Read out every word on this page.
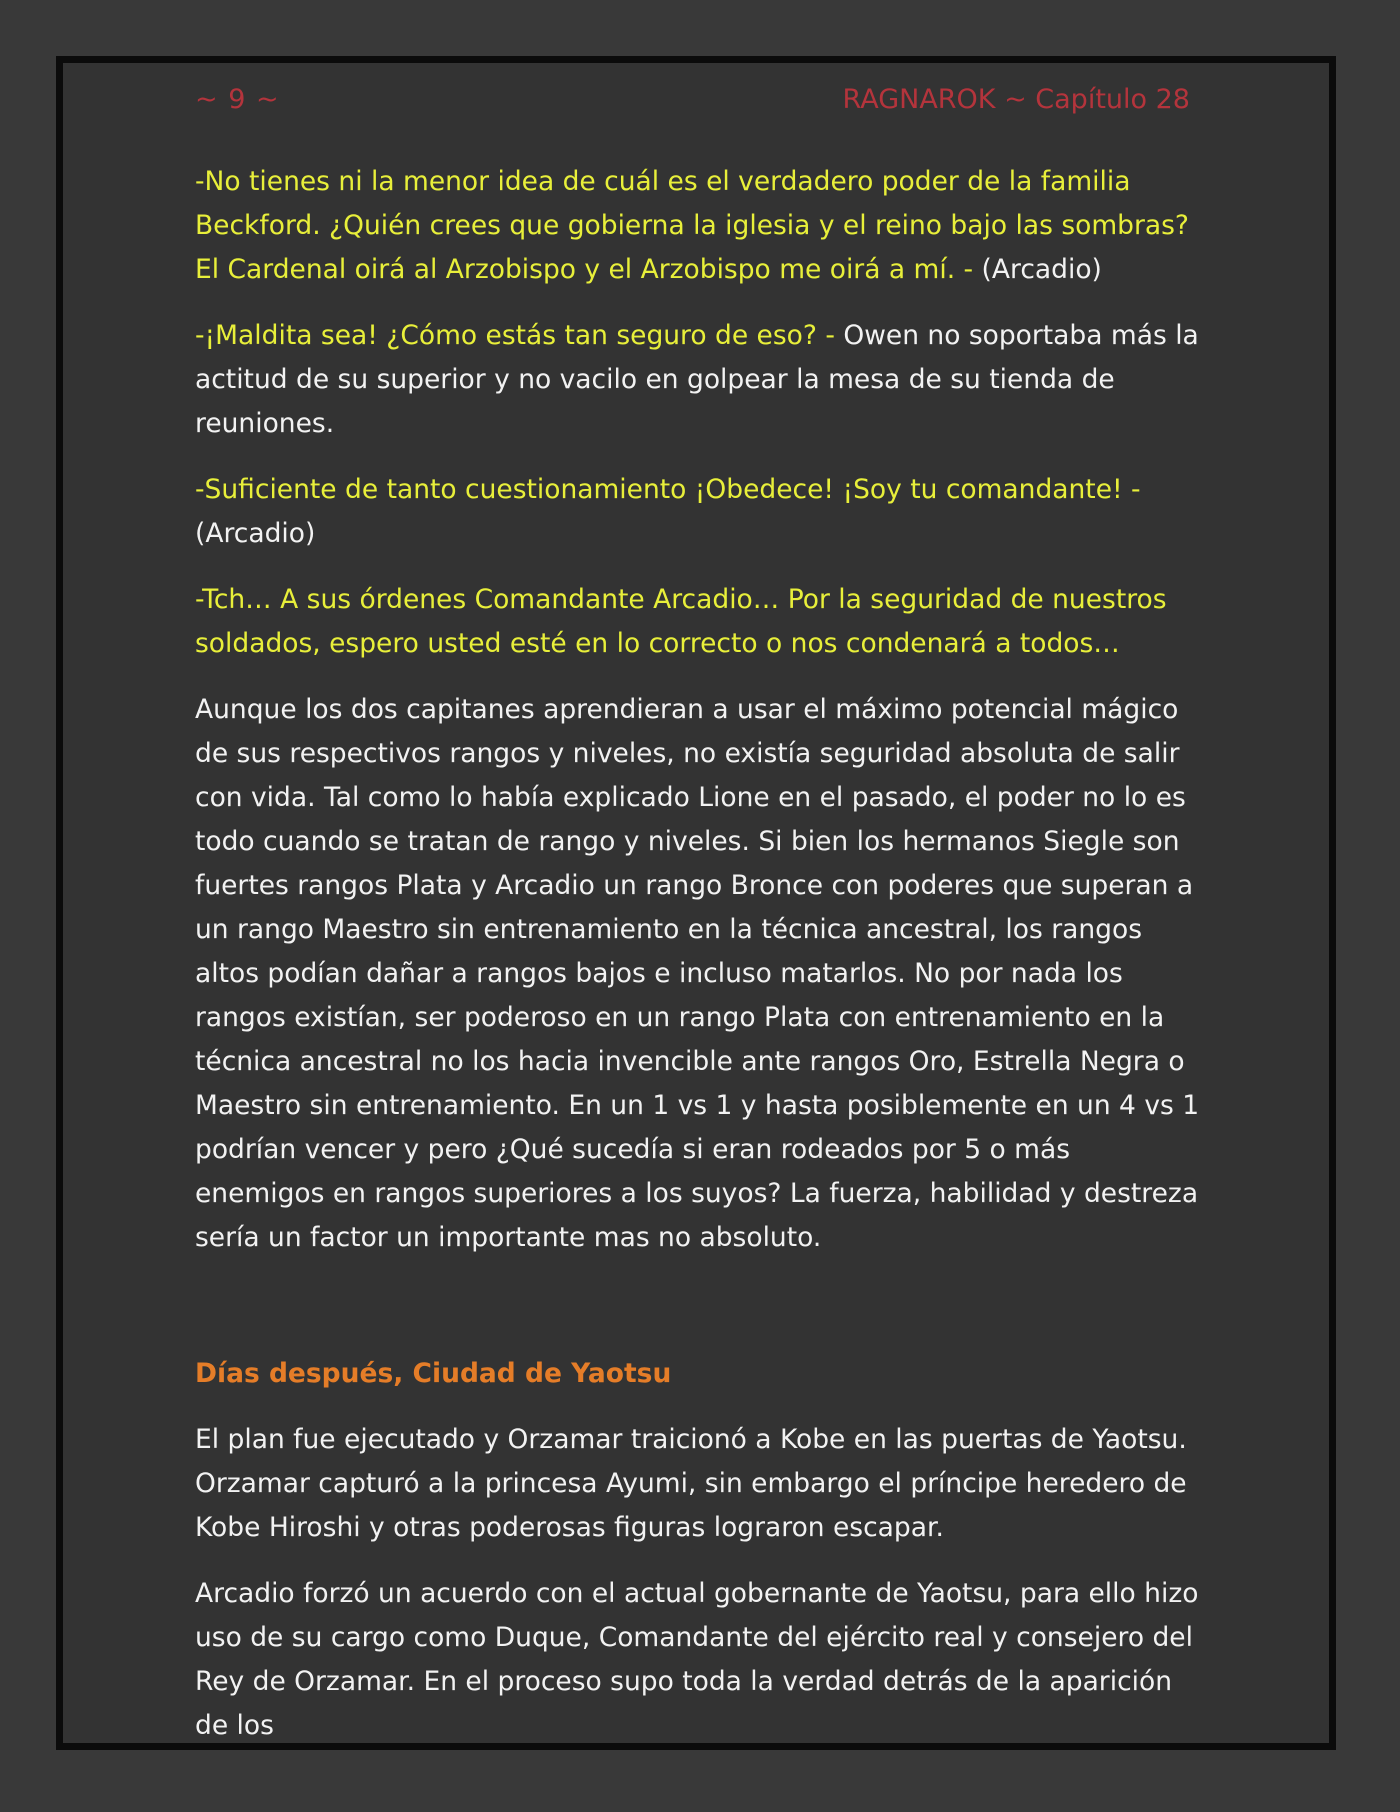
~ 9 ~	RAGNAROK ~ Capítulo 28

-No tienes ni la menor idea de cuál es el verdadero poder de la familia Beckford. ¿Quién crees que gobierna la iglesia y el reino bajo las sombras? El Cardenal oirá al Arzobispo y el Arzobispo me oirá a mí. - (Arcadio)

-¡Maldita sea! ¿Cómo estás tan seguro de eso? - Owen no soportaba más la actitud de su superior y no vacilo en golpear la mesa de su tienda de reuniones.

-Suficiente de tanto cuestionamiento ¡Obedece! ¡Soy tu comandante! -
(Arcadio)

-Tch… A sus órdenes Comandante Arcadio… Por la seguridad de nuestros soldados, espero usted esté en lo correcto o nos condenará a todos…

Aunque los dos capitanes aprendieran a usar el máximo potencial mágico de sus respectivos rangos y niveles, no existía seguridad absoluta de salir con vida. Tal como lo había explicado Lione en el pasado, el poder no lo es todo cuando se tratan de rango y niveles. Si bien los hermanos Siegle son fuertes rangos Plata y Arcadio un rango Bronce con poderes que superan a un rango Maestro sin entrenamiento en la técnica ancestral, los rangos altos podían dañar a rangos bajos e incluso matarlos. No por nada los rangos existían, ser poderoso en un rango Plata con entrenamiento en la técnica ancestral no los hacia invencible ante rangos Oro, Estrella Negra o Maestro sin entrenamiento. En un 1 vs 1 y hasta posiblemente en un 4 vs 1 podrían vencer y pero ¿Qué sucedía si eran rodeados por 5 o más enemigos en rangos superiores a los suyos? La fuerza, habilidad y destreza sería un factor un importante mas no absoluto.

Días después, Ciudad de Yaotsu

El plan fue ejecutado y Orzamar traicionó a Kobe en las puertas de Yaotsu. Orzamar capturó a la princesa Ayumi, sin embargo el príncipe heredero de Kobe Hiroshi y otras poderosas figuras lograron escapar.

Arcadio forzó un acuerdo con el actual gobernante de Yaotsu, para ello hizo uso de su cargo como Duque, Comandante del ejército real y consejero del Rey de Orzamar. En el proceso supo toda la verdad detrás de la aparición de los
